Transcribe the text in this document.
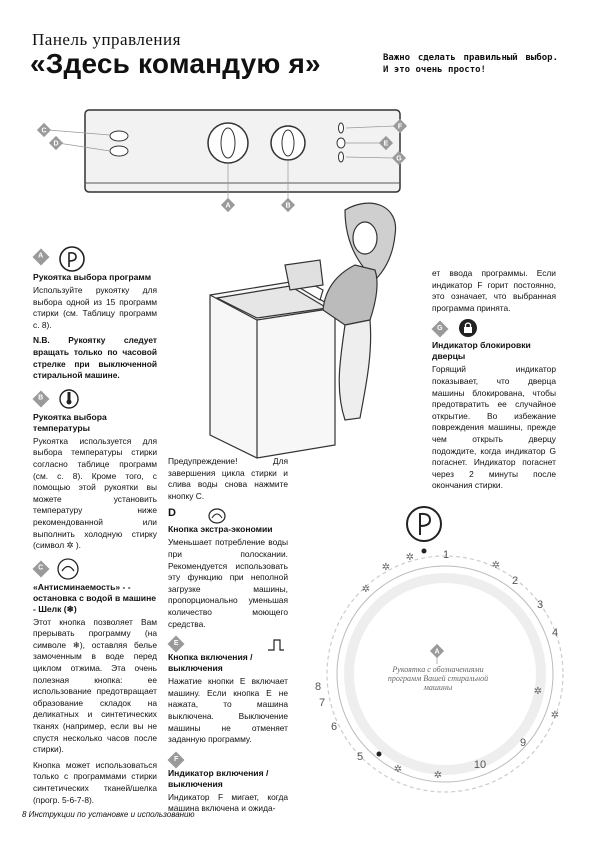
Панель управления
«Здесь командую я»	Важно сделать правильный выбор. И это очень просто!
C
D
A	B
F
E
G
A

Рукоятка выбора программ

Используйте рукоятку для выбора одной из 15 программ стирки (см. Таблицу программ с. 8).

N.B. Рукоятку следует вращать только по часовой стрелке при выключенной стиральной машине.

B

Рукоятка выбора температуры

Рукоятка используется для выбора температуры стирки согласно таблице программ (см. с. 8). Кроме того, с помощью этой рукоятки вы можете установить температуру ниже рекомендованной или выполнить холодную стирку (символ ✲ ).

C

«Антисминаемость» - - остановка с водой в машине - Шелк (❄)

Этот кнопка позволяет Вам прерывать программу (на символе ❄), оставляя белье замоченным в воде перед циклом отжима. Эта очень полезная кнопка: ее использование предотвращает образование складок на деликатных и синтетических тканях (например, если вы не спустя несколько часов после стирки).

Кнопка может использоваться только с программами стирки синтетических тканей/шелка (прогр. 5-6-7-8).

Предупреждение! Для завершения цикла стирки и слива воды снова нажмите кнопку С.

D

Кнопка экстра-экономии

Уменьшает потребление воды при полоскании. Рекомендуется использовать эту функцию при неполной загрузке машины, пропорционально уменьшая количество моющего средства.

E

Кнопка включения / выключения

Нажатие кнопки Е включает машину. Если кнопка Е не нажата, то машина выключена. Выключение машины не отменяет заданную программу.

F

Индикатор включения / выключения

Индикатор F мигает, когда машина включена и ожида-

ет ввода программы. Если индикатор F горит постоянно, это означает, что выбранная программа принята.

G

Индикатор блокировки дверцы

Горящий индикатор показывает, что дверца машины блокирована, чтобы предотвратить ее случайное открытие. Во избежание повреждения машины, прежде чем открыть дверцу подождите, когда индикатор G погаснет. Индикатор погаснет через 2 минуты после окончания стирки.

1
2
3
4
5
6
7
8
9
10
✲
✲
✲
✲
✲
✲
✲
✲
A
Рукоятка с обозначениями программ Вашей стиральной машины
8 Инструкции по установке и использованию
